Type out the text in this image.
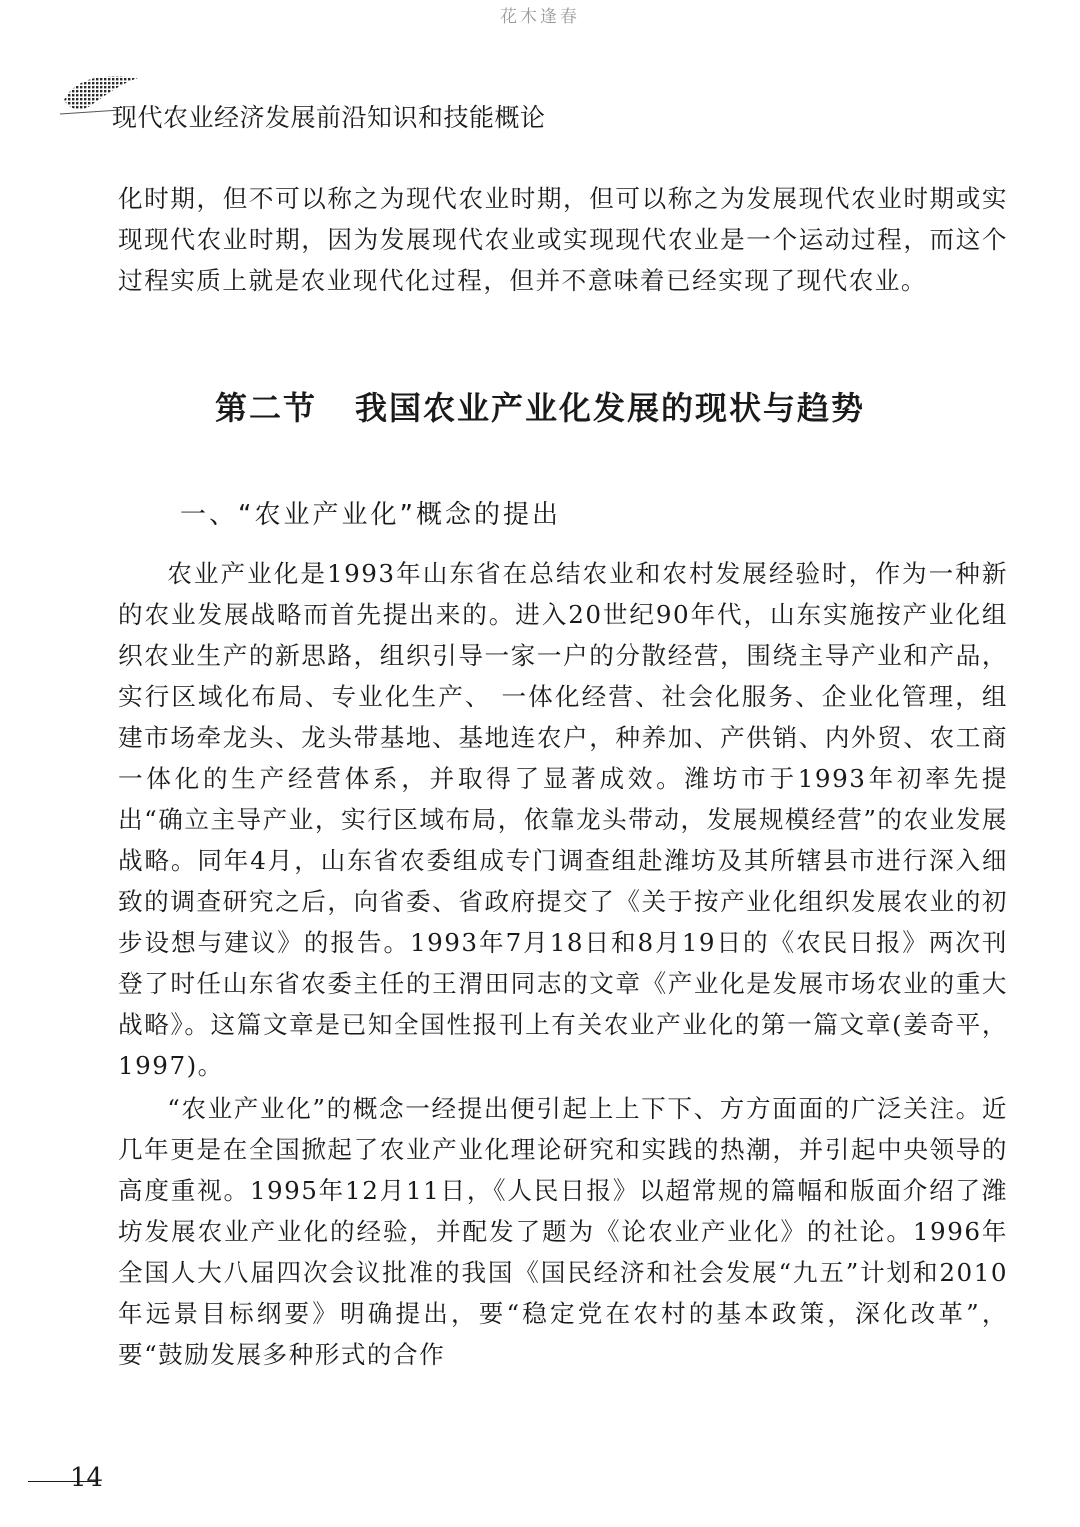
花木逢春
现代农业经济发展前沿知识和技能概论

化时期，但不可以称之为现代农业时期，但可以称之为发展现代农业时期或实现现代农业时期，因为发展现代农业或实现现代农业是一个运动过程，而这个过程实质上就是农业现代化过程，但并不意味着已经实现了现代农业。

第二节 我国农业产业化发展的现状与趋势
一、“农业产业化”概念的提出

农业产业化是1993年山东省在总结农业和农村发展经验时，作为一种新的农业发展战略而首先提出来的。进入20世纪90年代，山东实施按产业化组织农业生产的新思路，组织引导一家一户的分散经营，围绕主导产业和产品，实行区域化布局、专业化生产、 一体化经营、社会化服务、企业化管理，组建市场牵龙头、龙头带基地、基地连农户，种养加、产供销、内外贸、农工商一体化的生产经营体系，并取得了显著成效。潍坊市于1993年初率先提出“确立主导产业，实行区域布局，依靠龙头带动，发展规模经营”的农业发展战略。同年4月，山东省农委组成专门调查组赴潍坊及其所辖县市进行深入细致的调查研究之后，向省委、省政府提交了《关于按产业化组织发展农业的初步设想与建议》的报告。1993年7月18日和8月19日的《农民日报》两次刊登了时任山东省农委主任的王渭田同志的文章《产业化是发展市场农业的重大战略》。这篇文章是已知全国性报刊上有关农业产业化的第一篇文章(姜奇平，1997)。

“农业产业化”的概念一经提出便引起上上下下、方方面面的广泛关注。近几年更是在全国掀起了农业产业化理论研究和实践的热潮，并引起中央领导的高度重视。1995年12月11日，《人民日报》以超常规的篇幅和版面介绍了潍坊发展农业产业化的经验，并配发了题为《论农业产业化》的社论。1996年全国人大八届四次会议批准的我国《国民经济和社会发展“九五”计划和2010年远景目标纲要》明确提出，要“稳定党在农村的基本政策，深化改革”，要“鼓励发展多种形式的合作

14
